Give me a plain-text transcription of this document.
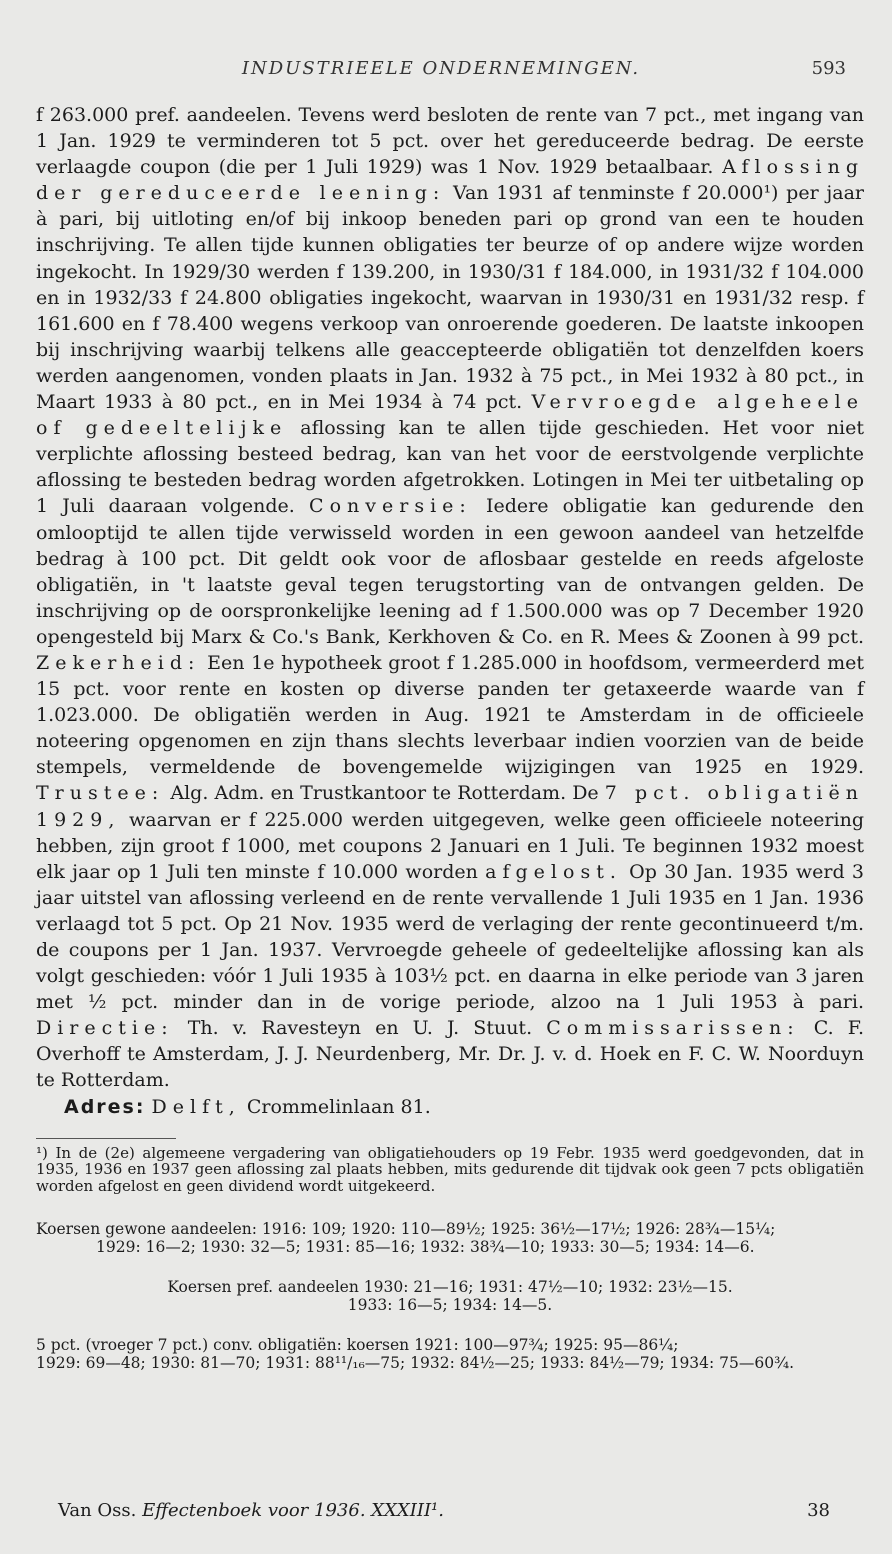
INDUSTRIEELE ONDERNEMINGEN.	593

f 263.000 pref. aandeelen. Tevens werd besloten de rente van 7 pct., met ingang van 1 Jan. 1929 te verminderen tot 5 pct. over het gereduceerde bedrag. De eerste verlaagde coupon (die per 1 Juli 1929) was 1 Nov. 1929 betaalbaar. Aflossing der gereduceerde leening: Van 1931 af tenminste f 20.000¹) per jaar à pari, bij uitloting en/of bij inkoop beneden pari op grond van een te houden inschrijving. Te allen tijde kunnen obligaties ter beurze of op andere wijze worden ingekocht. In 1929/30 werden f 139.200, in 1930/31 f 184.000, in 1931/32 f 104.000 en in 1932/33 f 24.800 obligaties ingekocht, waarvan in 1930/31 en 1931/32 resp. f 161.600 en f 78.400 wegens verkoop van onroerende goederen. De laatste inkoopen bij inschrijving waarbij telkens alle geaccepteerde obligatiën tot denzelfden koers werden aangenomen, vonden plaats in Jan. 1932 à 75 pct., in Mei 1932 à 80 pct., in Maart 1933 à 80 pct., en in Mei 1934 à 74 pct. Vervroegde algeheele of gedeeltelijke aflossing kan te allen tijde geschieden. Het voor niet verplichte aflossing besteed bedrag, kan van het voor de eerstvolgende verplichte aflossing te besteden bedrag worden afgetrokken. Lotingen in Mei ter uitbetaling op 1 Juli daaraan volgende. Conversie: Iedere obligatie kan gedurende den omlooptijd te allen tijde verwisseld worden in een gewoon aandeel van hetzelfde bedrag à 100 pct. Dit geldt ook voor de aflosbaar gestelde en reeds afgeloste obligatiën, in 't laatste geval tegen terugstorting van de ontvangen gelden. De inschrijving op de oorspronkelijke leening ad f 1.500.000 was op 7 December 1920 opengesteld bij Marx & Co.'s Bank, Kerkhoven & Co. en R. Mees & Zoonen à 99 pct. Zekerheid: Een 1e hypotheek groot f 1.285.000 in hoofdsom, vermeerderd met 15 pct. voor rente en kosten op diverse panden ter getaxeerde waarde van f 1.023.000. De obligatiën werden in Aug. 1921 te Amsterdam in de officieele noteering opgenomen en zijn thans slechts leverbaar indien voorzien van de beide stempels, vermeldende de bovengemelde wijzigingen van 1925 en 1929. Trustee: Alg. Adm. en Trustkantoor te Rotterdam. De 7 pct. obligatiën 1929, waarvan er f 225.000 werden uitgegeven, welke geen officieele noteering hebben, zijn groot f 1000, met coupons 2 Januari en 1 Juli. Te beginnen 1932 moest elk jaar op 1 Juli ten minste f 10.000 worden afgelost. Op 30 Jan. 1935 werd 3 jaar uitstel van aflossing verleend en de rente vervallende 1 Juli 1935 en 1 Jan. 1936 verlaagd tot 5 pct. Op 21 Nov. 1935 werd de verlaging der rente gecontinueerd t/m. de coupons per 1 Jan. 1937. Vervroegde geheele of gedeeltelijke aflossing kan als volgt geschieden: vóór 1 Juli 1935 à 103½ pct. en daarna in elke periode van 3 jaren met ½ pct. minder dan in de vorige periode, alzoo na 1 Juli 1953 à pari. Directie: Th. v. Ravesteyn en U. J. Stuut. Commissarissen: C. F. Overhoff te Amsterdam, J. J. Neurdenberg, Mr. Dr. J. v. d. Hoek en F. C. W. Noorduyn te Rotterdam.

Adres: Delft, Crommelinlaan 81.

¹) In de (2e) algemeene vergadering van obligatiehouders op 19 Febr. 1935 werd goedgevonden, dat in 1935, 1936 en 1937 geen aflossing zal plaats hebben, mits gedurende dit tijdvak ook geen 7 pcts obligatiën worden afgelost en geen dividend wordt uitgekeerd.

Koersen gewone aandeelen: 1916: 109; 1920: 110—89½; 1925: 36½—17½; 1926: 28¾—15¼;

1929: 16—2; 1930: 32—5; 1931: 85—16; 1932: 38¾—10; 1933: 30—5; 1934: 14—6.

Koersen pref. aandeelen 1930: 21—16; 1931: 47½—10; 1932: 23½—15.

1933: 16—5; 1934: 14—5.

5 pct. (vroeger 7 pct.) conv. obligatiën: koersen 1921: 100—97¾; 1925: 95—86¼;

1929: 69—48; 1930: 81—70; 1931: 88¹¹/₁₆—75; 1932: 84½—25; 1933: 84½—79; 1934: 75—60¾.

Van Oss. Effectenboek voor 1936. XXXIII¹.	38
